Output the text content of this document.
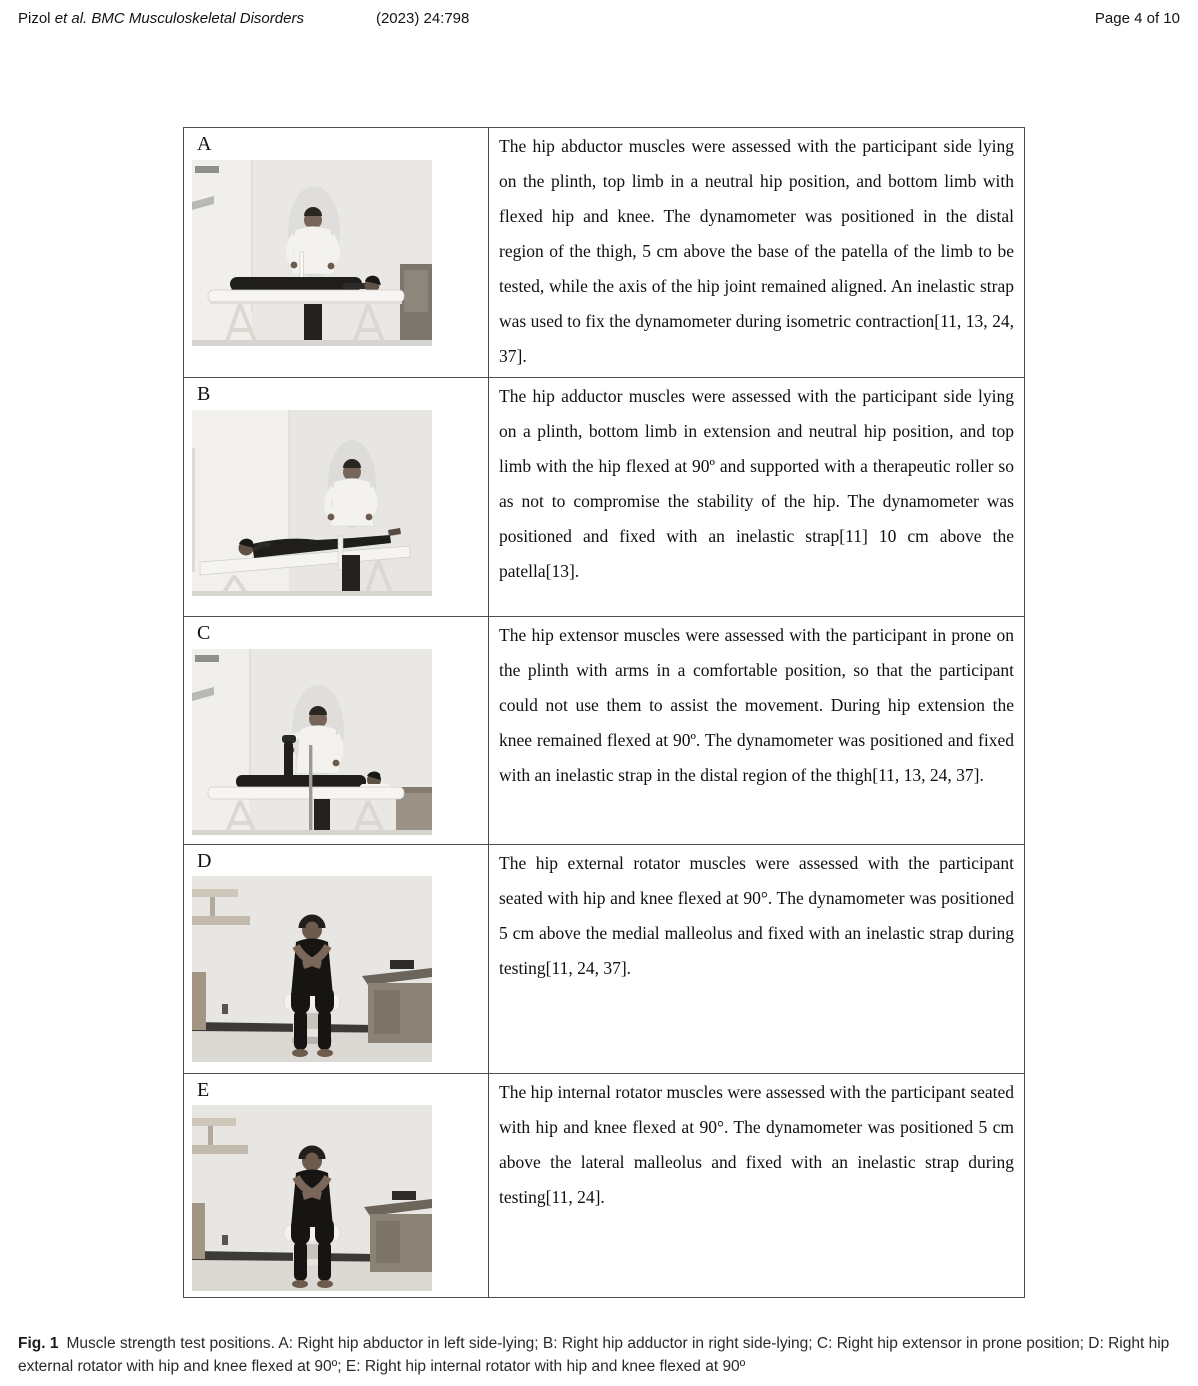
Pizol et al. BMC Musculoskeletal Disorders	(2023) 24:798	Page 4 of 10
A	The hip abductor muscles were assessed with the participant side lying on the plinth, top limb in a neutral hip position, and bottom limb with flexed hip and knee. The dynamometer was positioned in the distal region of the thigh, 5 cm above the base of the patella of the limb to be tested, while the axis of the hip joint remained aligned. An inelastic strap was used to fix the dynamometer during isometric contraction[11, 13, 24, 37].
B	The hip adductor muscles were assessed with the participant side lying on a plinth, bottom limb in extension and neutral hip position, and top limb with the hip flexed at 90º and supported with a therapeutic roller so as not to compromise the stability of the hip. The dynamometer was positioned and fixed with an inelastic strap[11] 10 cm above the patella[13].
C	The hip extensor muscles were assessed with the participant in prone on the plinth with arms in a comfortable position, so that the participant could not use them to assist the movement. During hip extension the knee remained flexed at 90º. The dynamometer was positioned and fixed with an inelastic strap in the distal region of the thigh[11, 13, 24, 37].
D	The hip external rotator muscles were assessed with the participant seated with hip and knee flexed at 90°. The dynamometer was positioned 5 cm above the medial malleolus and fixed with an inelastic strap during testing[11, 24, 37].
E	The hip internal rotator muscles were assessed with the participant seated with hip and knee flexed at 90°. The dynamometer was positioned 5 cm above the lateral malleolus and fixed with an inelastic strap during testing[11, 24].
Fig. 1 Muscle strength test positions. A: Right hip abductor in left side-lying; B: Right hip adductor in right side-lying; C: Right hip extensor in prone position; D: Right hip external rotator with hip and knee flexed at 90º; E: Right hip internal rotator with hip and knee flexed at 90º
